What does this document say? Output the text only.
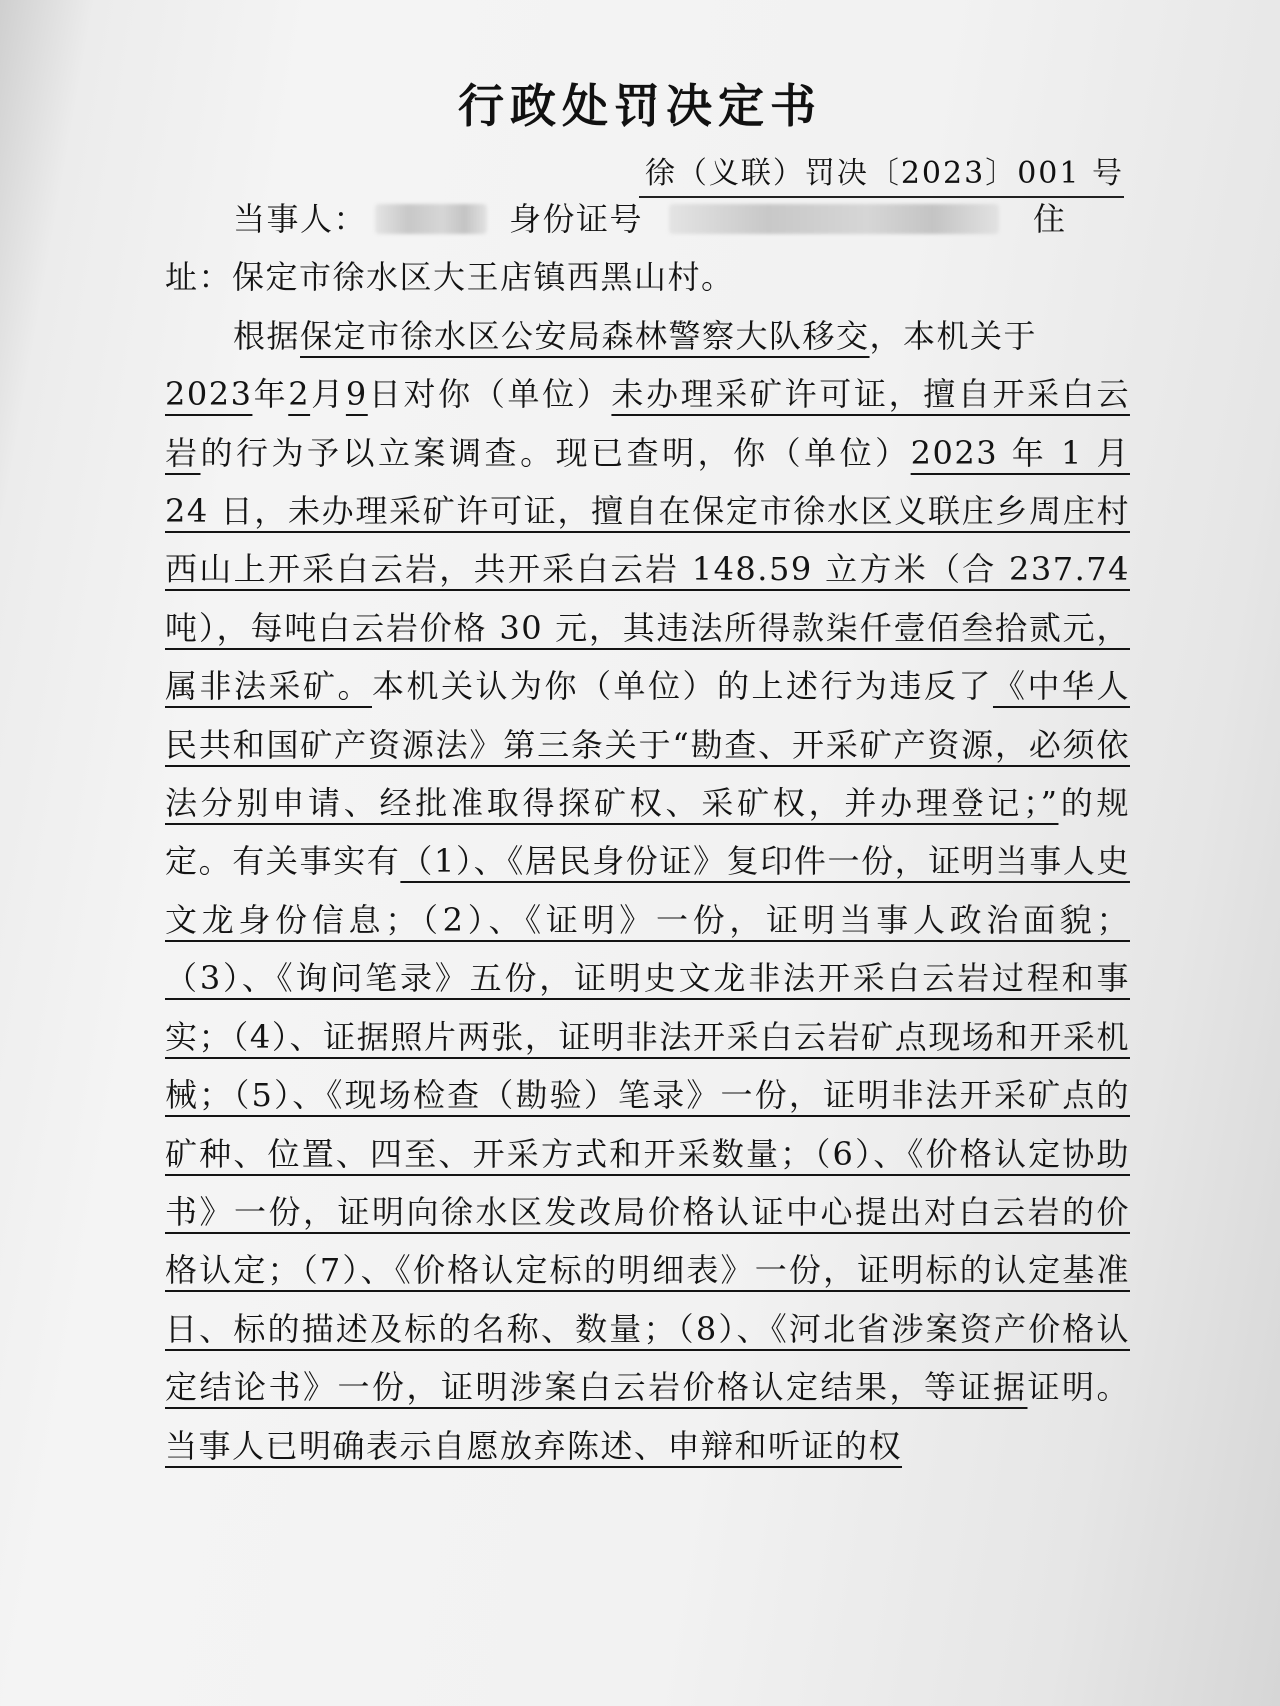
行政处罚决定书
徐（义联）罚决〔2023〕001 号

当事人：	身份证号	住
址：保定市徐水区大王店镇西黑山村。

根据保定市徐水区公安局森林警察大队移交，本机关于
2023年2月9日对你（单位）未办理采矿许可证，擅自开采白云岩的行为予以立案调查。现已查明，你（单位）2023 年 1 月 24 日，未办理采矿许可证，擅自在保定市徐水区义联庄乡周庄村西山上开采白云岩，共开采白云岩 148.59 立方米（合 237.74 吨），每吨白云岩价格 30 元，其违法所得款柒仟壹佰叁拾贰元，属非法采矿。本机关认为你（单位）的上述行为违反了《中华人民共和国矿产资源法》第三条关于“勘查、开采矿产资源，必须依法分别申请、经批准取得探矿权、采矿权，并办理登记；”的规定。有关事实有（1）、《居民身份证》复印件一份，证明当事人史文龙身份信息；（2）、《证明》一份，证明当事人政治面貌；（3）、《询问笔录》五份，证明史文龙非法开采白云岩过程和事实；（4）、证据照片两张，证明非法开采白云岩矿点现场和开采机械；（5）、《现场检查（勘验）笔录》一份，证明非法开采矿点的矿种、位置、四至、开采方式和开采数量；（6）、《价格认定协助书》一份，证明向徐水区发改局价格认证中心提出对白云岩的价格认定；（7）、《价格认定标的明细表》一份，证明标的认定基准日、标的描述及标的名称、数量；（8）、《河北省涉案资产价格认定结论书》一份，证明涉案白云岩价格认定结果，等证据证明。当事人已明确表示自愿放弃陈述、申辩和听证的权
